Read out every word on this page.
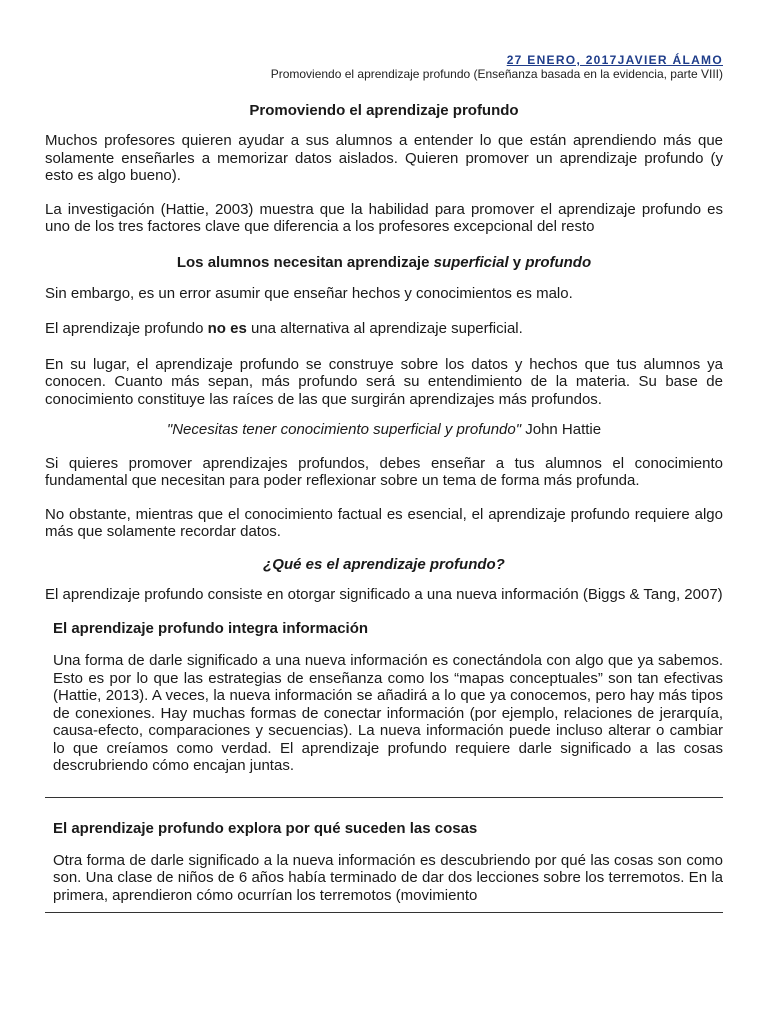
27 ENERO, 2017JAVIER ÁLAMO
Promoviendo el aprendizaje profundo (Enseñanza basada en la evidencia, parte VIII)
Promoviendo el aprendizaje profundo

Muchos profesores quieren ayudar a sus alumnos a entender lo que están aprendiendo más que solamente enseñarles a memorizar datos aislados. Quieren promover un aprendizaje profundo (y esto es algo bueno).

La investigación (Hattie, 2003) muestra que la habilidad para promover el aprendizaje profundo es uno de los tres factores clave que diferencia a los profesores excepcional del resto

Los alumnos necesitan aprendizaje superficial y profundo

Sin embargo, es un error asumir que enseñar hechos y conocimientos es malo.

El aprendizaje profundo no es una alternativa al aprendizaje superficial.

En su lugar, el aprendizaje profundo se construye sobre los datos y hechos que tus alumnos ya conocen. Cuanto más sepan, más profundo será su entendimiento de la materia. Su base de conocimiento constituye las raíces de las que surgirán aprendizajes más profundos.

"Necesitas tener conocimiento superficial y profundo" John Hattie

Si quieres promover aprendizajes profundos, debes enseñar a tus alumnos el conocimiento fundamental que necesitan para poder reflexionar sobre un tema de forma más profunda.

No obstante, mientras que el conocimiento factual es esencial, el aprendizaje profundo requiere algo más que solamente recordar datos.

¿Qué es el aprendizaje profundo?

El aprendizaje profundo consiste en otorgar significado a una nueva información (Biggs & Tang, 2007)

El aprendizaje profundo integra información

Una forma de darle significado a una nueva información es conectándola con algo que ya sabemos. Esto es por lo que las estrategias de enseñanza como los “mapas conceptuales” son tan efectivas (Hattie, 2013). A veces, la nueva información se añadirá a lo que ya conocemos, pero hay más tipos de conexiones. Hay muchas formas de conectar información (por ejemplo, relaciones de jerarquía, causa-efecto, comparaciones y secuencias). La nueva información puede incluso alterar o cambiar lo que creíamos como verdad. El aprendizaje profundo requiere darle significado a las cosas descrubriendo cómo encajan juntas.

El aprendizaje profundo explora por qué suceden las cosas

Otra forma de darle significado a la nueva información es descubriendo por qué las cosas son como son. Una clase de niños de 6 años había terminado de dar dos lecciones sobre los terremotos. En la primera, aprendieron cómo ocurrían los terremotos (movimiento
